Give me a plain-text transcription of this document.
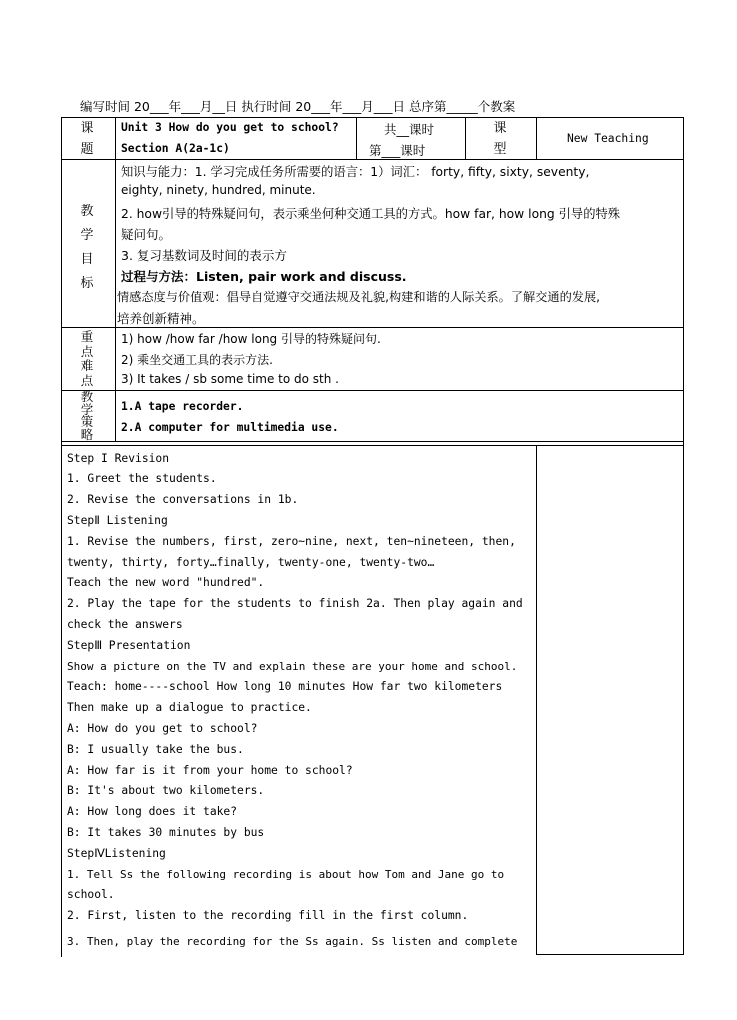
编写时间 20___年___月__日 执行时间 20___年___月___日 总序第_____个教案
课
题
Unit 3 How do you get to school?
Section A(2a-1c)
共__课时
第___课时
课
型
New Teaching
教
学
目
标
知识与能力：1. 学习完成任务所需要的语言：1）词汇： forty, fifty, sixty, seventy,
eighty, ninety, hundred, minute.
2. how引导的特殊疑问句，表示乘坐何种交通工具的方式。how far, how long 引导的特殊
疑问句。
3. 复习基数词及时间的表示方
过程与方法：Listen, pair work and discuss.
情感态度与价值观：倡导自觉遵守交通法规及礼貌,构建和谐的人际关系。了解交通的发展,
培养创新精神。
重
点
难
点
1) how /how far /how long 引导的特殊疑问句.
2) 乘坐交通工具的表示方法.
3) It takes / sb some time to do sth .
教
学
策
略
1.A tape recorder.
2.A computer for multimedia use.
Step I Revision
1. Greet the students.
2. Revise the conversations in 1b.
StepⅡ Listening
1. Revise the numbers, first, zero~nine, next, ten~nineteen, then,
twenty, thirty, forty…finally, twenty-one, twenty-two…
Teach the new word "hundred".
2. Play the tape for the students to finish 2a. Then play again and
check the answers
StepⅢ Presentation
Show a picture on the TV and explain these are your home and school.
Teach: home----school How long 10 minutes How far two kilometers
Then make up a dialogue to practice.
A: How do you get to school?
B: I usually take the bus.
A: How far is it from your home to school?
B: It's about two kilometers.
A: How long does it take?
B: It takes 30 minutes by bus
StepⅣListening
1. Tell Ss the following recording is about how Tom and Jane go to
school.
2. First, listen to the recording fill in the first column.
3. Then, play the recording for the Ss again. Ss listen and complete
